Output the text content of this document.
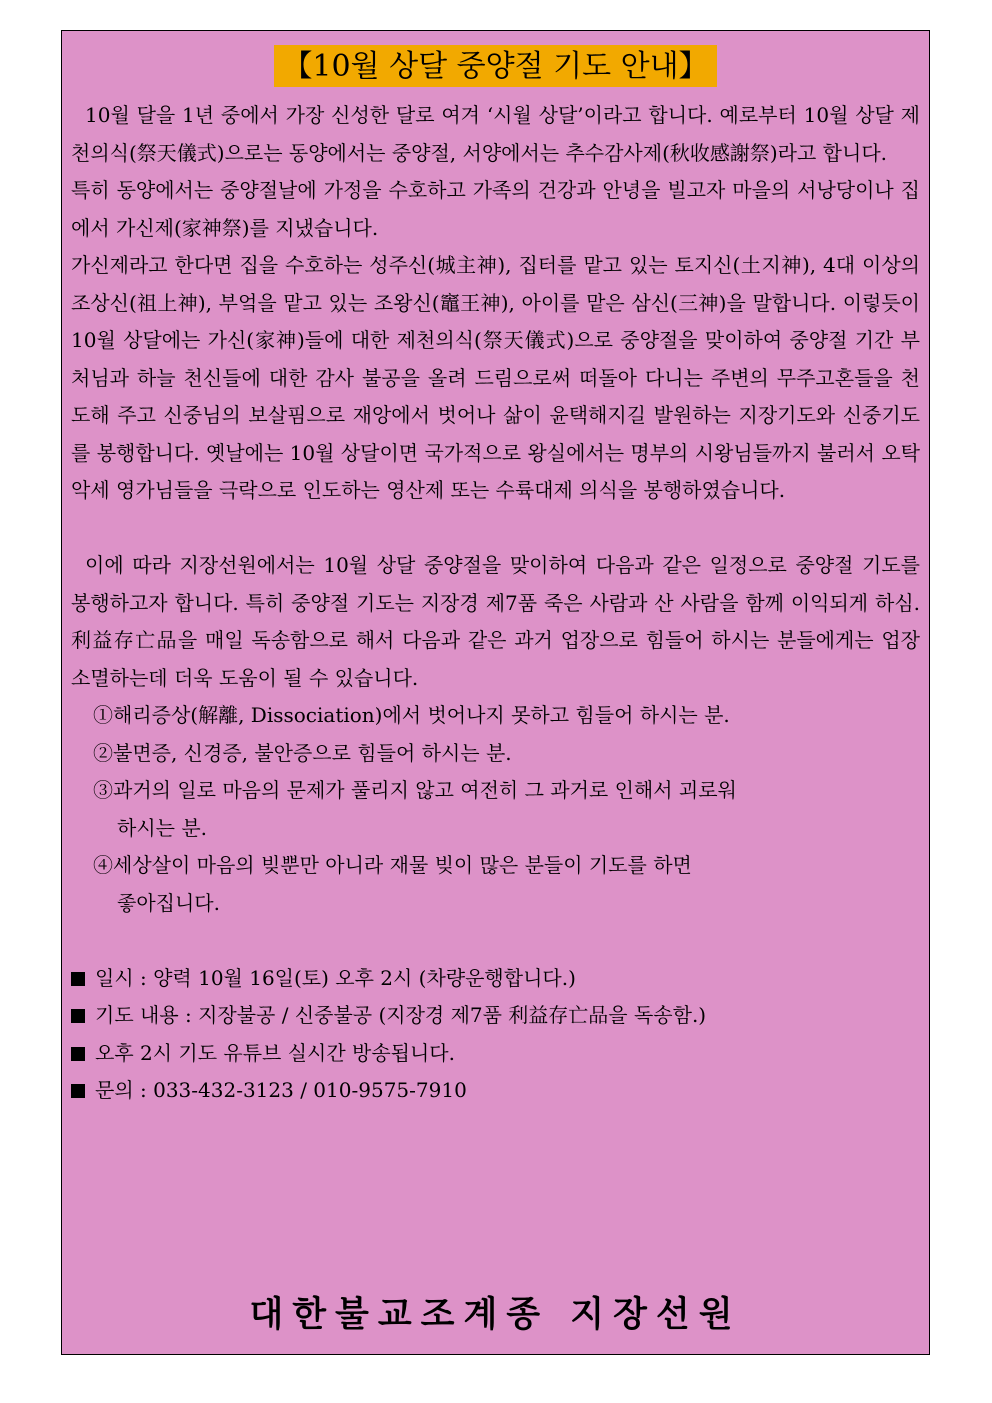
【10월 상달 중양절 기도 안내】

10월 달을 1년 중에서 가장 신성한 달로 여겨 ‘시월 상달’이라고 합니다. 예로부터 10월 상달 제천의식(祭天儀式)으로는 동양에서는 중양절, 서양에서는 추수감사제(秋收感謝祭)라고 합니다.

특히 동양에서는 중양절날에 가정을 수호하고 가족의 건강과 안녕을 빌고자 마을의 서낭당이나 집에서 가신제(家神祭)를 지냈습니다.

가신제라고 한다면 집을 수호하는 성주신(城主神), 집터를 맡고 있는 토지신(土지神), 4대 이상의 조상신(祖上神), 부엌을 맡고 있는 조왕신(竈王神), 아이를 맡은 삼신(三神)을 말합니다. 이렇듯이 10월 상달에는 가신(家神)들에 대한 제천의식(祭天儀式)으로 중양절을 맞이하여 중양절 기간 부처님과 하늘 천신들에 대한 감사 불공을 올려 드림으로써 떠돌아 다니는 주변의 무주고혼들을 천도해 주고 신중님의 보살핌으로 재앙에서 벗어나 삶이 윤택해지길 발원하는 지장기도와 신중기도를 봉행합니다. 옛날에는 10월 상달이면 국가적으로 왕실에서는 명부의 시왕님들까지 불러서 오탁악세 영가님들을 극락으로 인도하는 영산제 또는 수륙대제 의식을 봉행하였습니다.

이에 따라 지장선원에서는 10월 상달 중양절을 맞이하여 다음과 같은 일정으로 중양절 기도를 봉행하고자 합니다. 특히 중양절 기도는 지장경 제7품 죽은 사람과 산 사람을 함께 이익되게 하심. 利益存亡品을 매일 독송함으로 해서 다음과 같은 과거 업장으로 힘들어 하시는 분들에게는 업장 소멸하는데 더욱 도움이 될 수 있습니다.

①해리증상(解離, Dissociation)에서 벗어나지 못하고 힘들어 하시는 분.
②불면증, 신경증, 불안증으로 힘들어 하시는 분.
③과거의 일로 마음의 문제가 풀리지 않고 여전히 그 과거로 인해서 괴로워
하시는 분.
④세상살이 마음의 빚뿐만 아니라 재물 빚이 많은 분들이 기도를 하면
좋아집니다.
일시 : 양력 10월 16일(토) 오후 2시 (차량운행합니다.)
기도 내용 : 지장불공 / 신중불공 (지장경 제7품 利益存亡品을 독송함.)
오후 2시 기도 유튜브 실시간 방송됩니다.
문의 : 033-432-3123 / 010-9575-7910
대한불교조계종 지장선원
